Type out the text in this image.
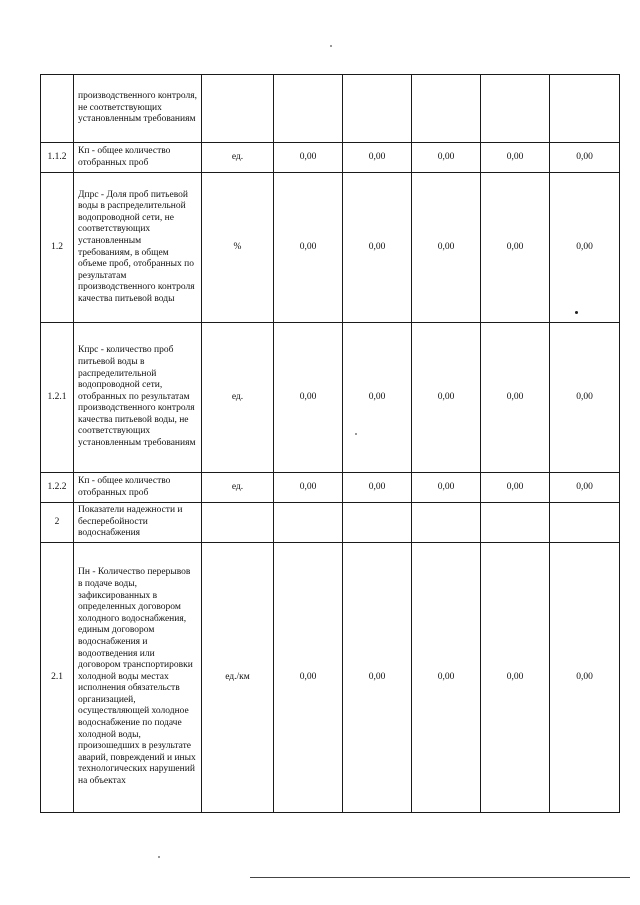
	производственного контроля, не соответствующих установленным требованиям						
1.1.2	Кп - общее количество отобранных проб	ед.	0,00	0,00	0,00	0,00	0,00
1.2	Дпрс - Доля проб питьевой воды в распределительной водопроводной сети, не соответствующих установленным требованиям, в общем объеме проб, отобранных по результатам производственного контроля качества питьевой воды	%	0,00	0,00	0,00	0,00	0,00
1.2.1	Кпрс - количество проб питьевой воды в распределительной водопроводной сети, отобранных по результатам производственного контроля качества питьевой воды, не соответствующих установленным требованиям	ед.	0,00	0,00	0,00	0,00	0,00
1.2.2	Кп - общее количество отобранных проб	ед.	0,00	0,00	0,00	0,00	0,00
2	Показатели надежности и бесперебойности водоснабжения						
2.1	Пн - Количество перерывов в подаче воды, зафиксированных в определенных договором холодного водоснабжения, единым договором водоснабжения и водоотведения или договором транспортировки холодной воды местах исполнения обязательств организацией, осуществляющей холодное водоснабжение по подаче холодной воды, произошедших в результате аварий, повреждений и иных технологических нарушений на объектах	ед./км	0,00	0,00	0,00	0,00	0,00
